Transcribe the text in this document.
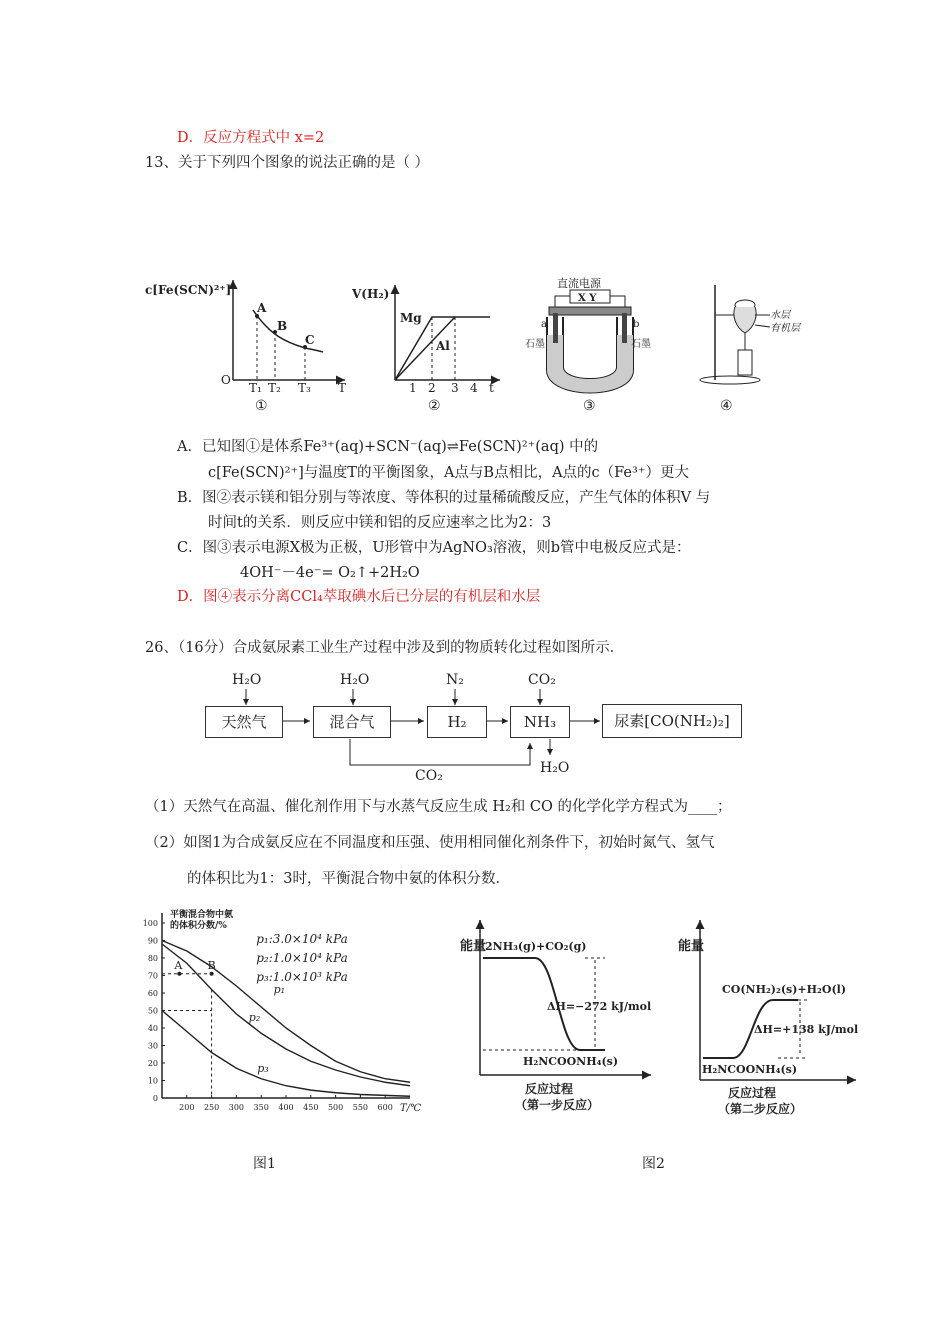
D．反应方程式中 x=2
13、关于下列四个图象的说法正确的是（ ）
c[Fe(SCN)²⁺]
O
T
A
B
C
T₁ T₂ T₃
①
V(H₂)
Mg
Al
1 2 3 4 t
②
直流电源
X Y
a	b
石墨	石墨
③
水层
有机层
④
A．已知图①是体系Fe³⁺(aq)+SCN⁻(aq)⇌Fe(SCN)²⁺(aq) 中的
c[Fe(SCN)²⁺]与温度T的平衡图象，A点与B点相比，A点的c（Fe³⁺）更大
B．图②表示镁和铝分别与等浓度、等体积的过量稀硫酸反应，产生气体的体积V 与
时间t的关系．则反应中镁和铝的反应速率之比为2：3
C．图③表示电源X极为正极，U形管中为AgNO₃溶液，则b管中电极反应式是：
4OH⁻－4e⁻= O₂↑+2H₂O
D．图④表示分离CCl₄萃取碘水后已分层的有机层和水层
26、（16分）合成氨尿素工业生产过程中涉及到的物质转化过程如图所示．
H₂O	H₂O	N₂	CO₂
天然气	混合气	H₂	NH₃	尿素[CO(NH₂)₂]
CO₂	H₂O
（1）天然气在高温、催化剂作用下与水蒸气反应生成 H₂和 CO 的化学化学方程式为____；
（2）如图1为合成氨反应在不同温度和压强、使用相同催化剂条件下，初始时氮气、氢气
的体积比为1：3时，平衡混合物中氨的体积分数．
平衡混合物中氨
的体积分数/%
0
10
20
30
40
50
60
70
80
90
100
200 250 300 350 400 450 500 550 600 T/℃
p₁
p₂
p₃
p₁:3.0×10⁴ kPa
p₂:1.0×10⁴ kPa
p₃:1.0×10³ kPa
A B
能量
2NH₃(g)+CO₂(g)
H₂NCOONH₄(s)
ΔH=−272 kJ/mol
反应过程
（第一步反应）
能量
CO(NH₂)₂(s)+H₂O(l)
H₂NCOONH₄(s)
ΔH=+138 kJ/mol
反应过程
（第二步反应）
图1	图2
